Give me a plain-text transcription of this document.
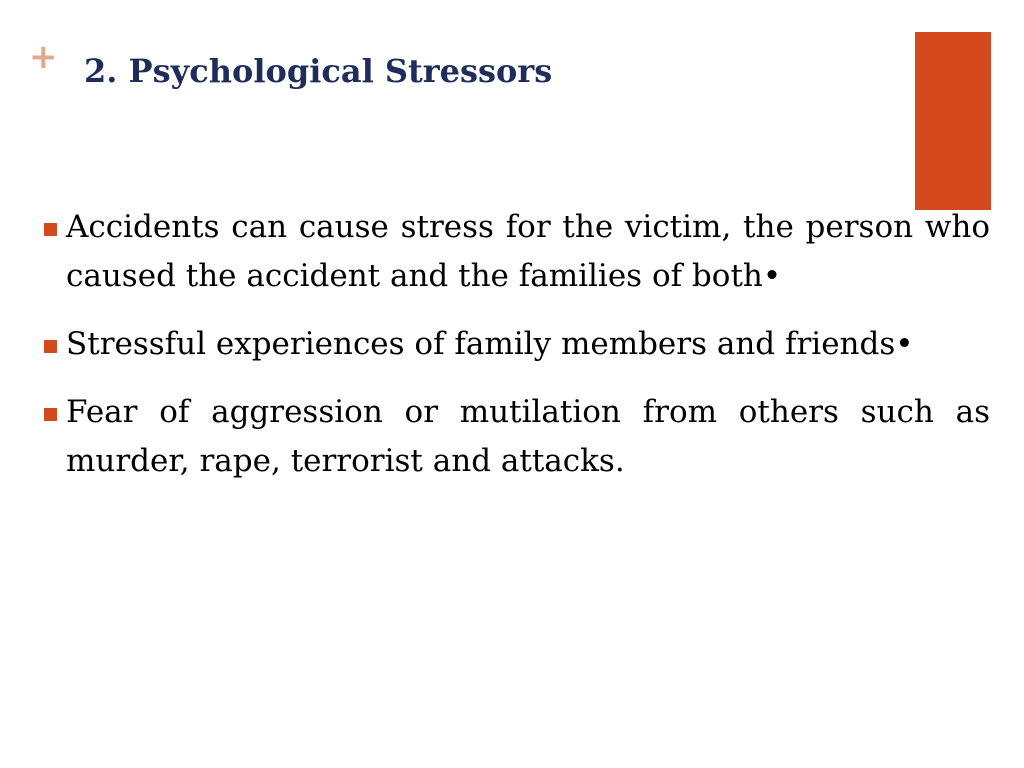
+ 2. Psychological Stressors
Accidents can cause stress for the victim, the person who caused the accident and the families of both•
Stressful experiences of family members and friends•
Fear of aggression or mutilation from others such as murder, rape, terrorist and attacks.
